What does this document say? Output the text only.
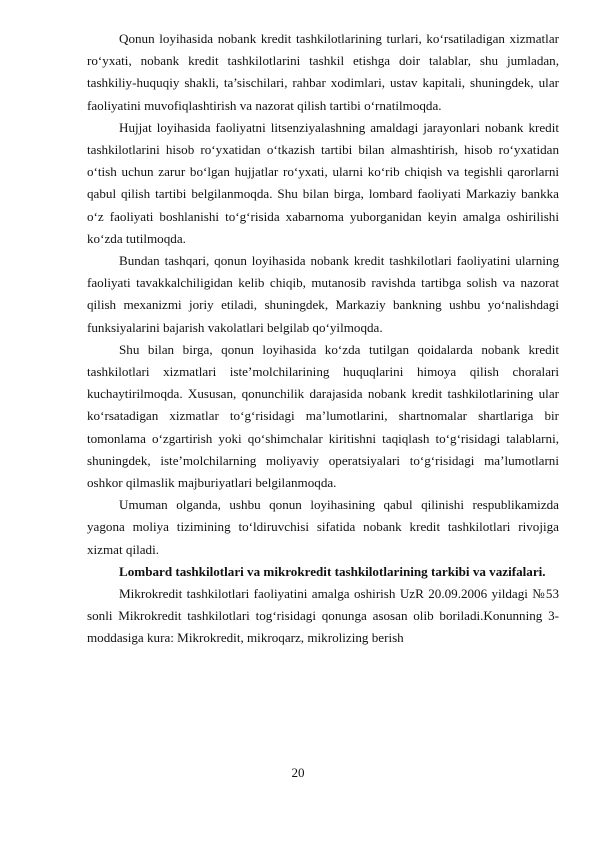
Qonun loyihasida nobank kredit tashkilotlarining turlari, ko‘rsatiladigan xizmatlar ro‘yxati, nobank kredit tashkilotlarini tashkil etishga doir talablar, shu jumladan, tashkiliy-huquqiy shakli, ta’sischilari, rahbar xodimlari, ustav kapitali, shuningdek, ular faoliyatini muvofiqlashtirish va nazorat qilish tartibi o‘rnatilmoqda.

Hujjat loyihasida faoliyatni litsenziyalashning amaldagi jarayonlari nobank kredit tashkilotlarini hisob ro‘yxatidan o‘tkazish tartibi bilan almashtirish, hisob ro‘yxatidan o‘tish uchun zarur bo‘lgan hujjatlar ro‘yxati, ularni ko‘rib chiqish va tegishli qarorlarni qabul qilish tartibi belgilanmoqda. Shu bilan birga, lombard faoliyati Markaziy bankka o‘z faoliyati boshlanishi to‘g‘risida xabarnoma yuborganidan keyin amalga oshirilishi ko‘zda tutilmoqda.

Bundan tashqari, qonun loyihasida nobank kredit tashkilotlari faoliyatini ularning faoliyati tavakkalchiligidan kelib chiqib, mutanosib ravishda tartibga solish va nazorat qilish mexanizmi joriy etiladi, shuningdek, Markaziy bankning ushbu yo‘nalishdagi funksiyalarini bajarish vakolatlari belgilab qo‘yilmoqda.

Shu bilan birga, qonun loyihasida ko‘zda tutilgan qoidalarda nobank kredit tashkilotlari xizmatlari iste’molchilarining huquqlarini himoya qilish choralari kuchaytirilmoqda. Xususan, qonunchilik darajasida nobank kredit tashkilotlarining ular ko‘rsatadigan xizmatlar to‘g‘risidagi ma’lumotlarini, shartnomalar shartlariga bir tomonlama o‘zgartirish yoki qo‘shimchalar kiritishni taqiqlash to‘g‘risidagi talablarni, shuningdek, iste’molchilarning moliyaviy operatsiyalari to‘g‘risidagi ma’lumotlarni oshkor qilmaslik majburiyatlari belgilanmoqda.

Umuman olganda, ushbu qonun loyihasining qabul qilinishi respublikamizda yagona moliya tizimining to‘ldiruvchisi sifatida nobank kredit tashkilotlari rivojiga xizmat qiladi.

Lombard tashkilotlari va mikrokredit tashkilotlarining tarkibi va vazifalari.

Mikrokredit tashkilotlari faoliyatini amalga oshirish UzR 20.09.2006 yildagi №53 sonli Mikrokredit tashkilotlari tog‘risidagi qonunga asosan olib boriladi.Konunning 3- moddasiga kura: Mikrokredit, mikroqarz, mikrolizing berish

20
